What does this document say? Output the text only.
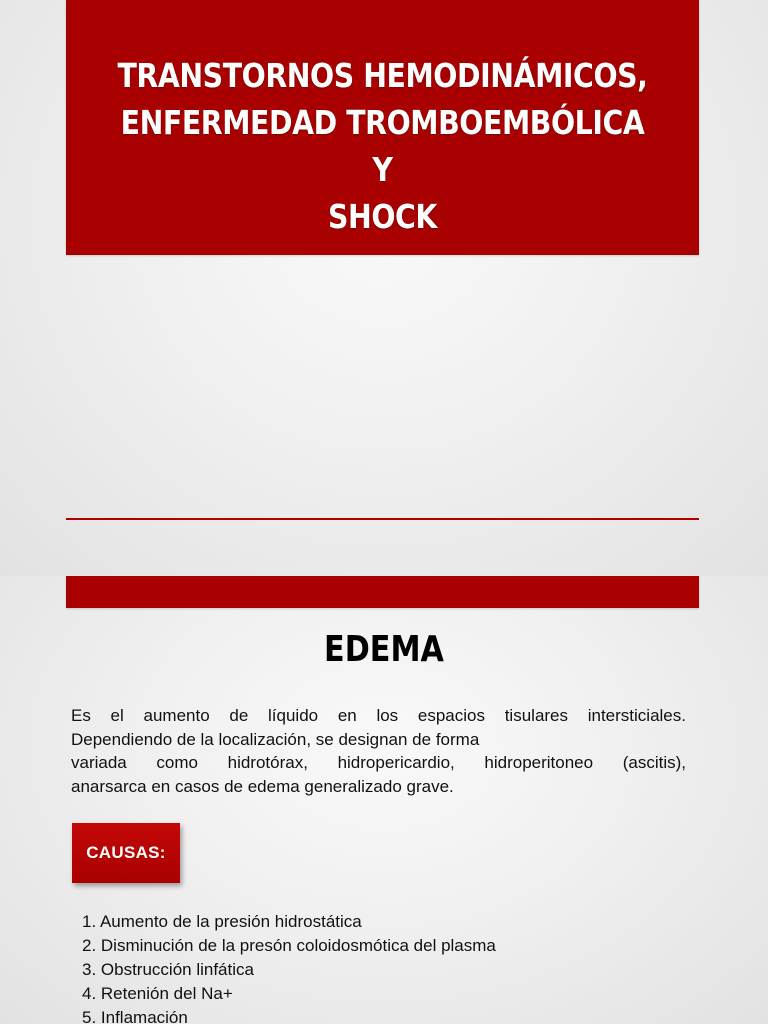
TRANSTORNOS HEMODINÁMICOS,
ENFERMEDAD TROMBOEMBÓLICA Y
SHOCK
EDEMA

Es el aumento de líquido en los espacios tisulares intersticiales.
Dependiendo de la localización, se designan de forma
variada como hidrotórax, hidropericardio, hidroperitoneo (ascitis),
anarsarca en casos de edema generalizado grave.

CAUSAS:
1. Aumento de la presión hidrostática
2. Disminución de la presón coloidosmótica del plasma
3. Obstrucción linfática
4. Retenión del Na+
5. Inflamación
